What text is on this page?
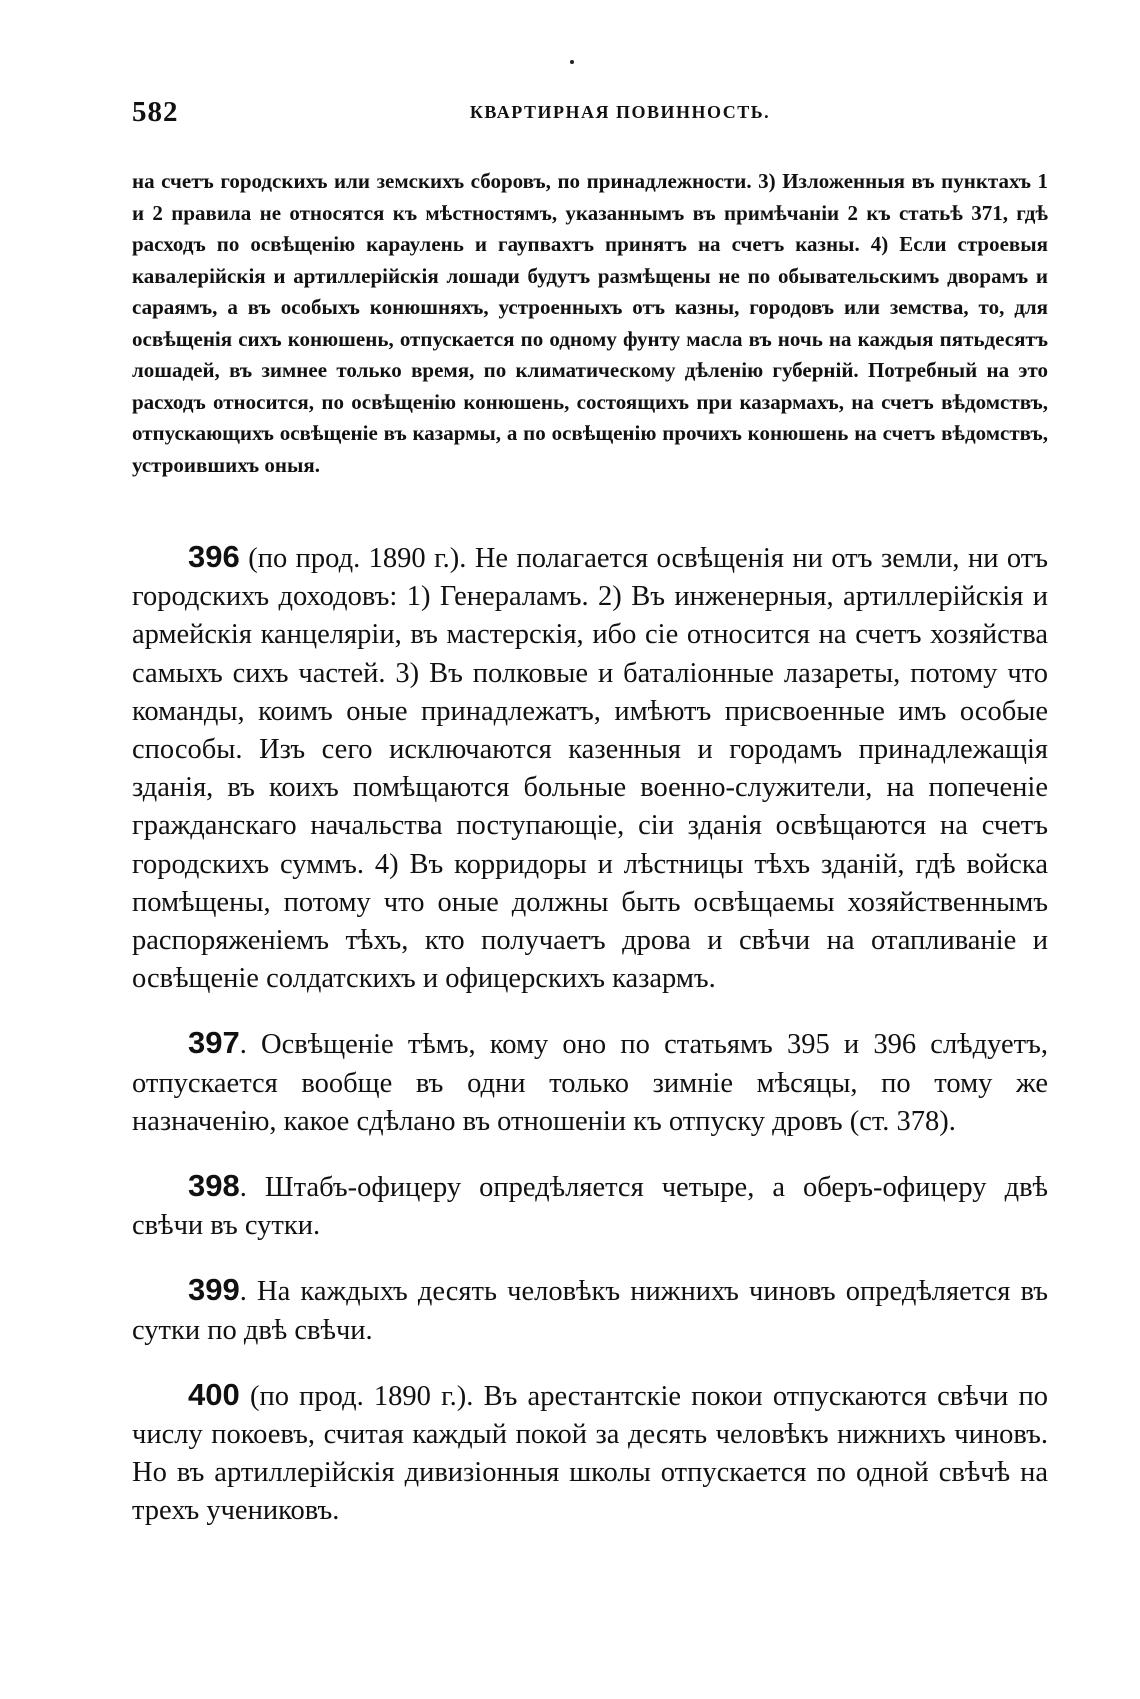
582	КВАРТИРНАЯ ПОВИННОСТЬ.

на счетъ городскихъ или земскихъ сборовъ, по принадлежности. 3) Изложенныя въ пунктахъ 1 и 2 правила не относятся къ мѣстностямъ, указаннымъ въ примѣчаніи 2 къ статьѣ 371, гдѣ расходъ по освѣщенію караулень и гаупвахтъ принятъ на счетъ казны. 4) Если строевыя кавалерійскія и артиллерійскія лошади будутъ размѣщены не по обывательскимъ дворамъ и сараямъ, а въ особыхъ конюшняхъ, устроенныхъ отъ казны, городовъ или земства, то, для освѣщенія сихъ конюшень, отпускается по одному фунту масла въ ночь на каждыя пятьдесятъ лошадей, въ зимнее только время, по климатическому дѣленію губерній. Потребный на это расходъ относится, по освѣщенію конюшень, состоящихъ при казармахъ, на счетъ вѣдомствъ, отпускающихъ освѣщеніе въ казармы, а по освѣщенію прочихъ конюшень на счетъ вѣдомствъ, устроившихъ оныя.

396 (по прод. 1890 г.). Не полагается освѣщенія ни отъ земли, ни отъ городскихъ доходовъ: 1) Генераламъ. 2) Въ инженерныя, артиллерійскія и армейскія канцеляріи, въ мастерскія, ибо сіе относится на счетъ хозяйства самыхъ сихъ частей. 3) Въ полковые и баталіонные лазареты, потому что команды, коимъ оные принадлежатъ, имѣютъ присвоенные имъ особые способы. Изъ сего исключаются казенныя и городамъ принадлежащія зданія, въ коихъ помѣщаются больные военно-служители, на попеченіе гражданскаго начальства поступающіе, сіи зданія освѣщаются на счетъ городскихъ суммъ. 4) Въ корридоры и лѣстницы тѣхъ зданій, гдѣ войска помѣщены, потому что оные должны быть освѣщаемы хозяйственнымъ распоряженіемъ тѣхъ, кто получаетъ дрова и свѣчи на отапливаніе и освѣщеніе солдатскихъ и офицерскихъ казармъ.

397. Освѣщеніе тѣмъ, кому оно по статьямъ 395 и 396 слѣдуетъ, отпускается вообще въ одни только зимніе мѣсяцы, по тому же назначенію, какое сдѣлано въ отношеніи къ отпуску дровъ (ст. 378).

398. Штабъ-офицеру опредѣляется четыре, а оберъ-офицеру двѣ свѣчи въ сутки.

399. На каждыхъ десять человѣкъ нижнихъ чиновъ опредѣляется въ сутки по двѣ свѣчи.

400 (по прод. 1890 г.). Въ арестантскіе покои отпускаются свѣчи по числу покоевъ, считая каждый покой за десять человѣкъ нижнихъ чиновъ. Но въ артиллерійскія дивизіонныя школы отпускается по одной свѣчѣ на трехъ учениковъ.
